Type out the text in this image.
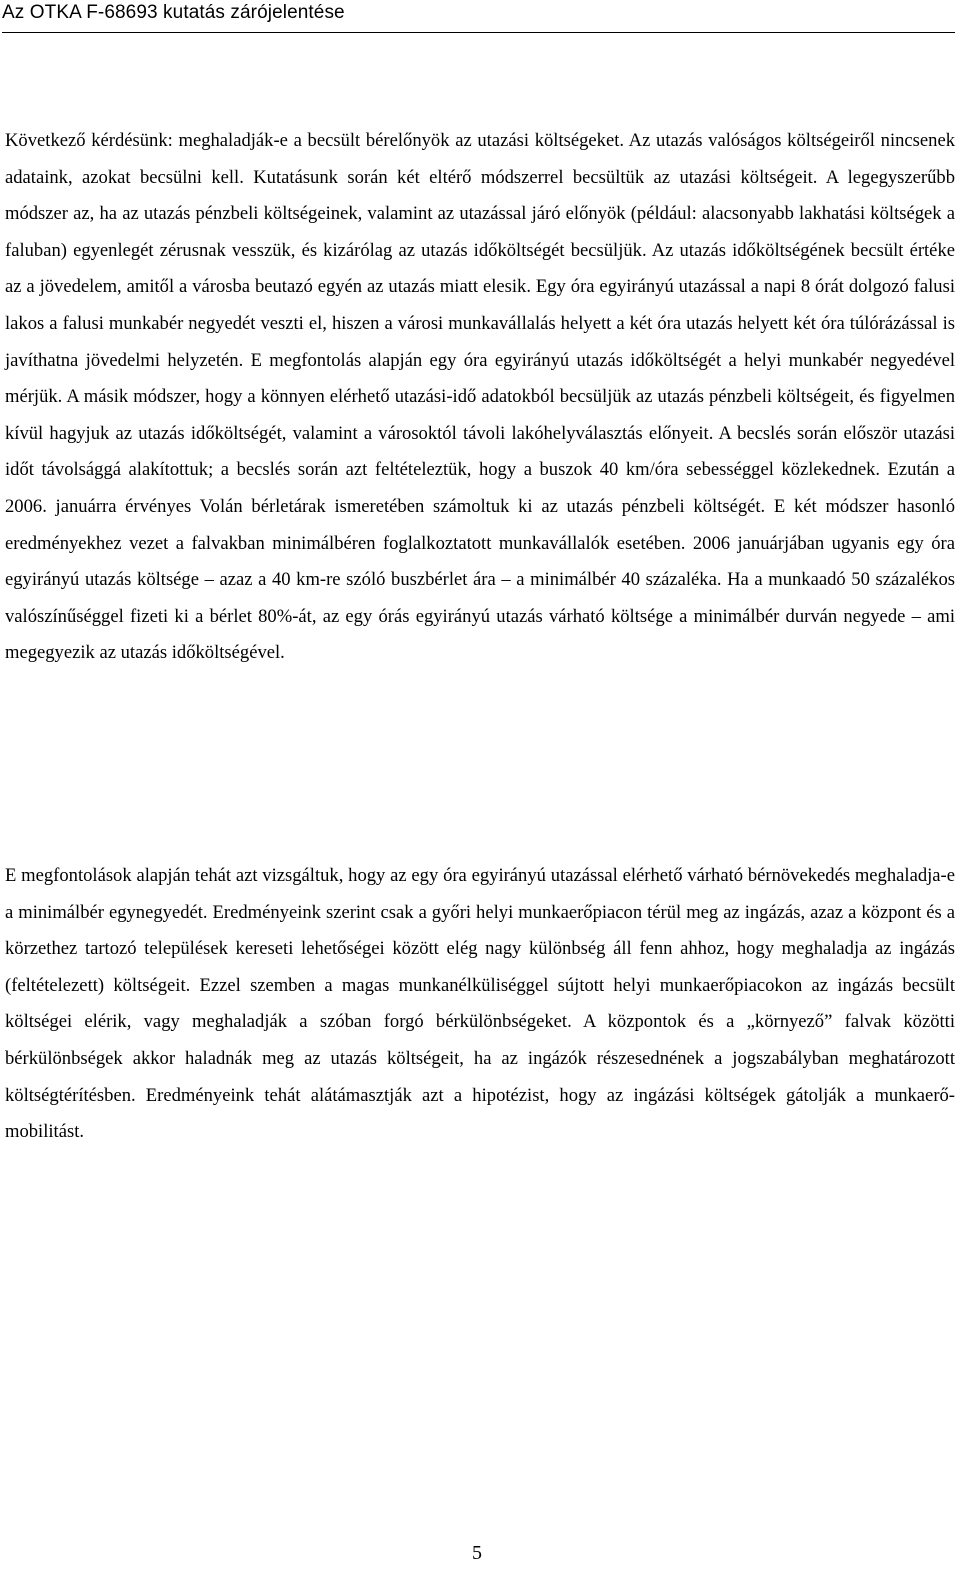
Az OTKA F-68693 kutatás zárójelentése

Következő kérdésünk: meghaladják-e a becsült bérelőnyök az utazási költségeket. Az utazás valóságos költségeiről nincsenek adataink, azokat becsülni kell. Kutatásunk során két eltérő módszerrel becsültük az utazási költségeit. A legegyszerűbb módszer az, ha az utazás pénzbeli költségeinek, valamint az utazással járó előnyök (például: alacsonyabb lakhatási költségek a faluban) egyenlegét zérusnak vesszük, és kizárólag az utazás időköltségét becsüljük. Az utazás időköltségének becsült értéke az a jövedelem, amitől a városba beutazó egyén az utazás miatt elesik. Egy óra egyirányú utazással a napi 8 órát dolgozó falusi lakos a falusi munkabér negyedét veszti el, hiszen a városi munkavállalás helyett a két óra utazás helyett két óra túlórázással is javíthatna jövedelmi helyzetén. E megfontolás alapján egy óra egyirányú utazás időköltségét a helyi munkabér negyedével mérjük. A másik módszer, hogy a könnyen elérhető utazási-idő adatokból becsüljük az utazás pénzbeli költségeit, és figyelmen kívül hagyjuk az utazás időköltségét, valamint a városoktól távoli lakóhelyválasztás előnyeit. A becslés során először utazási időt távolsággá alakítottuk; a becslés során azt feltételeztük, hogy a buszok 40 km/óra sebességgel közlekednek. Ezután a 2006. januárra érvényes Volán bérletárak ismeretében számoltuk ki az utazás pénzbeli költségét. E két módszer hasonló eredményekhez vezet a falvakban minimálbéren foglalkoztatott munkavállalók esetében. 2006 januárjában ugyanis egy óra egyirányú utazás költsége – azaz a 40 km-re szóló buszbérlet ára – a minimálbér 40 százaléka. Ha a munkaadó 50 százalékos valószínűséggel fizeti ki a bérlet 80%-át, az egy órás egyirányú utazás várható költsége a minimálbér durván negyede – ami megegyezik az utazás időköltségével.

E megfontolások alapján tehát azt vizsgáltuk, hogy az egy óra egyirányú utazással elérhető várható bérnövekedés meghaladja-e a minimálbér egynegyedét. Eredményeink szerint csak a győri helyi munkaerőpiacon térül meg az ingázás, azaz a központ és a körzethez tartozó települések kereseti lehetőségei között elég nagy különbség áll fenn ahhoz, hogy meghaladja az ingázás (feltételezett) költségeit. Ezzel szemben a magas munkanélküliséggel sújtott helyi munkaerőpiacokon az ingázás becsült költségei elérik, vagy meghaladják a szóban forgó bérkülönbségeket. A központok és a „környező” falvak közötti bérkülönbségek akkor haladnák meg az utazás költségeit, ha az ingázók részesednének a jogszabályban meghatározott költségtérítésben. Eredményeink tehát alátámasztják azt a hipotézist, hogy az ingázási költségek gátolják a munkaerő-mobilitást.

5
